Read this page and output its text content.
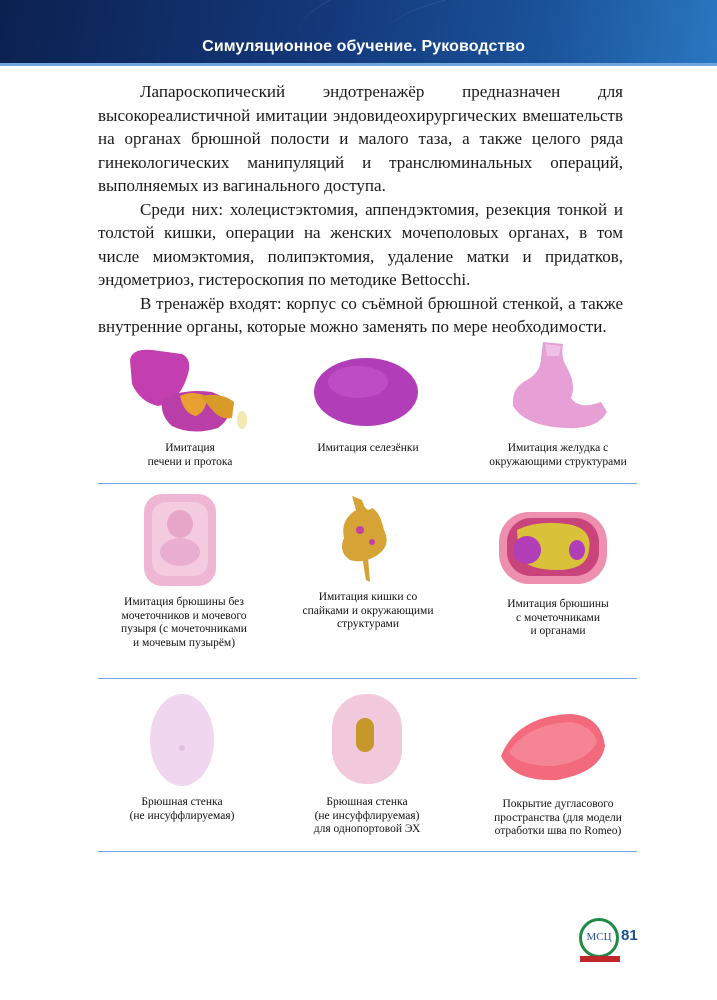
Симуляционное обучение. Руководство

Лапароскопический эндотренажёр предназначен для высокореалистичной имитации эндовидеохирургических вмешательств на органах брюшной полости и малого таза, а также целого ряда гинекологических манипуляций и транслюминальных операций, выполняемых из вагинального доступа.

Среди них: холецистэктомия, аппендэктомия, резекция тонкой и толстой кишки, операции на женских мочеполовых органах, в том числе миомэктомия, полипэктомия, удаление матки и придатков, эндометриоз, гистероскопия по методике Bettocchi.

В тренажёр входят: корпус со съёмной брюшной стенкой, а также внутренние органы, которые можно заменять по мере необходимости.

Имитация
печени и протока
Имитация селезёнки	Имитация желудка с
окружающими структурами
Имитация брюшины без
мочеточников и мочевого
пузыря (с мочеточниками
и мочевым пузырём)
Имитация кишки со
спайками и окружающими
структурами
Имитация брюшины
с мочеточниками
и органами
Брюшная стенка
(не инсуффлируемая)
Брюшная стенка
(не инсуффлируемая)
для однопортовой ЭХ
Покрытие дугласового
пространства (для модели
отработки шва по Romeo)
МСЦ 81
